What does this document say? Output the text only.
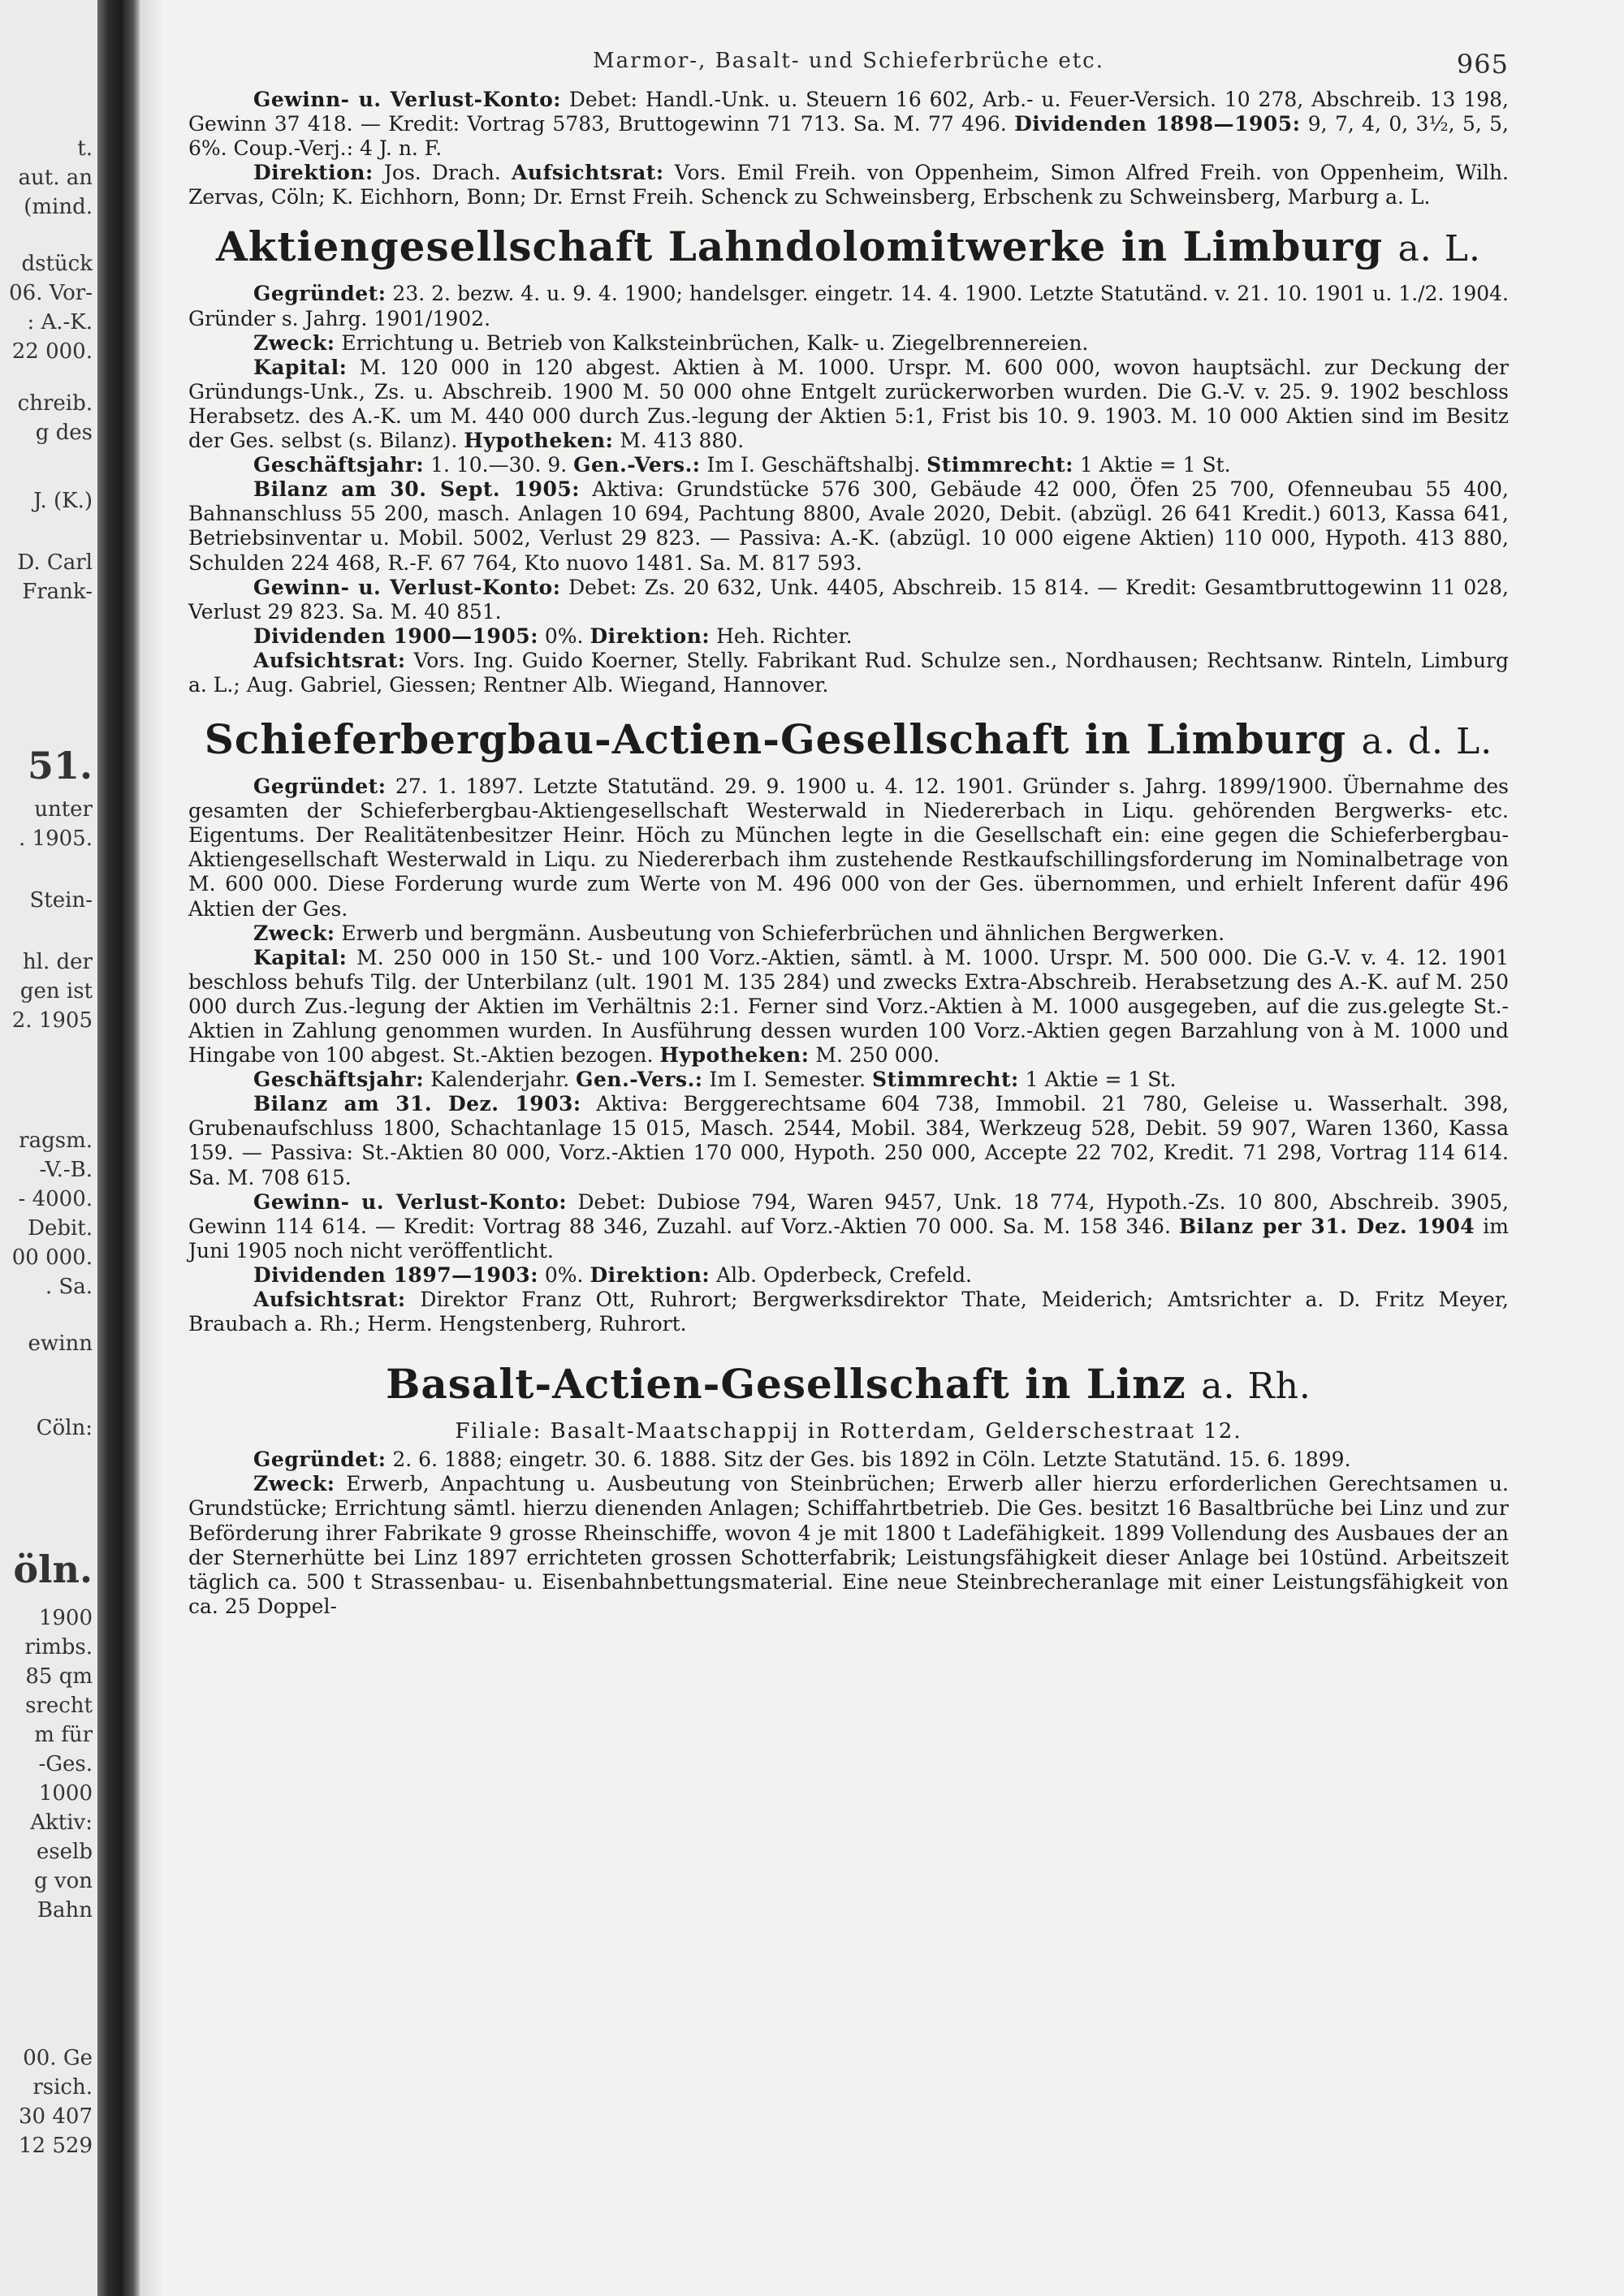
t.
aut. an
(mind.
dstück
06. Vor-
: A.-K.
22 000.
chreib.
g des
J. (K.)
D. Carl
Frank-
51.
unter
. 1905.
Stein-
hl. der
gen ist
2. 1905
ragsm.
-V.-B.
- 4000.
Debit.
00 000.
. Sa.
ewinn
Cöln:
öln.
1900
rimbs.
85 qm
srecht
m für
-Ges.
1000
Aktiv:
eselb
g von
Bahn
00. Ge
rsich.
30 407
12 529
Marmor-, Basalt- und Schieferbrüche etc.	965

Gewinn- u. Verlust-Konto: Debet: Handl.-Unk. u. Steuern 16 602, Arb.- u. Feuer-Versich. 10 278, Abschreib. 13 198, Gewinn 37 418. — Kredit: Vortrag 5783, Bruttogewinn 71 713. Sa. M. 77 496. Dividenden 1898—1905: 9, 7, 4, 0, 3½, 5, 5, 6%. Coup.-Verj.: 4 J. n. F.

Direktion: Jos. Drach. Aufsichtsrat: Vors. Emil Freih. von Oppenheim, Simon Alfred Freih. von Oppenheim, Wilh. Zervas, Cöln; K. Eichhorn, Bonn; Dr. Ernst Freih. Schenck zu Schweinsberg, Erbschenk zu Schweinsberg, Marburg a. L.

Aktiengesellschaft Lahndolomitwerke in Limburg a. L.

Gegründet: 23. 2. bezw. 4. u. 9. 4. 1900; handelsger. eingetr. 14. 4. 1900. Letzte Statutänd. v. 21. 10. 1901 u. 1./2. 1904. Gründer s. Jahrg. 1901/1902.

Zweck: Errichtung u. Betrieb von Kalksteinbrüchen, Kalk- u. Ziegelbrennereien.

Kapital: M. 120 000 in 120 abgest. Aktien à M. 1000. Urspr. M. 600 000, wovon hauptsächl. zur Deckung der Gründungs-Unk., Zs. u. Abschreib. 1900 M. 50 000 ohne Entgelt zurückerworben wurden. Die G.-V. v. 25. 9. 1902 beschloss Herabsetz. des A.-K. um M. 440 000 durch Zus.-legung der Aktien 5:1, Frist bis 10. 9. 1903. M. 10 000 Aktien sind im Besitz der Ges. selbst (s. Bilanz). Hypotheken: M. 413 880.

Geschäftsjahr: 1. 10.—30. 9. Gen.-Vers.: Im I. Geschäftshalbj. Stimmrecht: 1 Aktie = 1 St.

Bilanz am 30. Sept. 1905: Aktiva: Grundstücke 576 300, Gebäude 42 000, Öfen 25 700, Ofenneubau 55 400, Bahnanschluss 55 200, masch. Anlagen 10 694, Pachtung 8800, Avale 2020, Debit. (abzügl. 26 641 Kredit.) 6013, Kassa 641, Betriebsinventar u. Mobil. 5002, Verlust 29 823. — Passiva: A.-K. (abzügl. 10 000 eigene Aktien) 110 000, Hypoth. 413 880, Schulden 224 468, R.-F. 67 764, Kto nuovo 1481. Sa. M. 817 593.

Gewinn- u. Verlust-Konto: Debet: Zs. 20 632, Unk. 4405, Abschreib. 15 814. — Kredit: Gesamtbruttogewinn 11 028, Verlust 29 823. Sa. M. 40 851.

Dividenden 1900—1905: 0%. Direktion: Heh. Richter.

Aufsichtsrat: Vors. Ing. Guido Koerner, Stelly. Fabrikant Rud. Schulze sen., Nordhausen; Rechtsanw. Rinteln, Limburg a. L.; Aug. Gabriel, Giessen; Rentner Alb. Wiegand, Hannover.

Schieferbergbau-Actien-Gesellschaft in Limburg a. d. L.

Gegründet: 27. 1. 1897. Letzte Statutänd. 29. 9. 1900 u. 4. 12. 1901. Gründer s. Jahrg. 1899/1900. Übernahme des gesamten der Schieferbergbau-Aktiengesellschaft Westerwald in Niedererbach in Liqu. gehörenden Bergwerks- etc. Eigentums. Der Realitätenbesitzer Heinr. Höch zu München legte in die Gesellschaft ein: eine gegen die Schieferbergbau-Aktiengesellschaft Westerwald in Liqu. zu Niedererbach ihm zustehende Restkaufschillingsforderung im Nominalbetrage von M. 600 000. Diese Forderung wurde zum Werte von M. 496 000 von der Ges. übernommen, und erhielt Inferent dafür 496 Aktien der Ges.

Zweck: Erwerb und bergmänn. Ausbeutung von Schieferbrüchen und ähnlichen Bergwerken.

Kapital: M. 250 000 in 150 St.- und 100 Vorz.-Aktien, sämtl. à M. 1000. Urspr. M. 500 000. Die G.-V. v. 4. 12. 1901 beschloss behufs Tilg. der Unterbilanz (ult. 1901 M. 135 284) und zwecks Extra-Abschreib. Herabsetzung des A.-K. auf M. 250 000 durch Zus.-legung der Aktien im Verhältnis 2:1. Ferner sind Vorz.-Aktien à M. 1000 ausgegeben, auf die zus.gelegte St.-Aktien in Zahlung genommen wurden. In Ausführung dessen wurden 100 Vorz.-Aktien gegen Barzahlung von à M. 1000 und Hingabe von 100 abgest. St.-Aktien bezogen. Hypotheken: M. 250 000.

Geschäftsjahr: Kalenderjahr. Gen.-Vers.: Im I. Semester. Stimmrecht: 1 Aktie = 1 St.

Bilanz am 31. Dez. 1903: Aktiva: Berggerechtsame 604 738, Immobil. 21 780, Geleise u. Wasserhalt. 398, Grubenaufschluss 1800, Schachtanlage 15 015, Masch. 2544, Mobil. 384, Werkzeug 528, Debit. 59 907, Waren 1360, Kassa 159. — Passiva: St.-Aktien 80 000, Vorz.-Aktien 170 000, Hypoth. 250 000, Accepte 22 702, Kredit. 71 298, Vortrag 114 614. Sa. M. 708 615.

Gewinn- u. Verlust-Konto: Debet: Dubiose 794, Waren 9457, Unk. 18 774, Hypoth.-Zs. 10 800, Abschreib. 3905, Gewinn 114 614. — Kredit: Vortrag 88 346, Zuzahl. auf Vorz.-Aktien 70 000. Sa. M. 158 346. Bilanz per 31. Dez. 1904 im Juni 1905 noch nicht veröffentlicht.

Dividenden 1897—1903: 0%. Direktion: Alb. Opderbeck, Crefeld.

Aufsichtsrat: Direktor Franz Ott, Ruhrort; Bergwerksdirektor Thate, Meiderich; Amtsrichter a. D. Fritz Meyer, Braubach a. Rh.; Herm. Hengstenberg, Ruhrort.

Basalt-Actien-Gesellschaft in Linz a. Rh.
Filiale: Basalt-Maatschappij in Rotterdam, Gelderschestraat 12.

Gegründet: 2. 6. 1888; eingetr. 30. 6. 1888. Sitz der Ges. bis 1892 in Cöln. Letzte Statutänd. 15. 6. 1899.

Zweck: Erwerb, Anpachtung u. Ausbeutung von Steinbrüchen; Erwerb aller hierzu erforderlichen Gerechtsamen u. Grundstücke; Errichtung sämtl. hierzu dienenden Anlagen; Schiffahrtbetrieb. Die Ges. besitzt 16 Basaltbrüche bei Linz und zur Beförderung ihrer Fabrikate 9 grosse Rheinschiffe, wovon 4 je mit 1800 t Ladefähigkeit. 1899 Vollendung des Ausbaues der an der Sternerhütte bei Linz 1897 errichteten grossen Schotterfabrik; Leistungsfähigkeit dieser Anlage bei 10stünd. Arbeitszeit täglich ca. 500 t Strassenbau- u. Eisenbahnbettungsmaterial. Eine neue Steinbrecheranlage mit einer Leistungsfähigkeit von ca. 25 Doppel-
